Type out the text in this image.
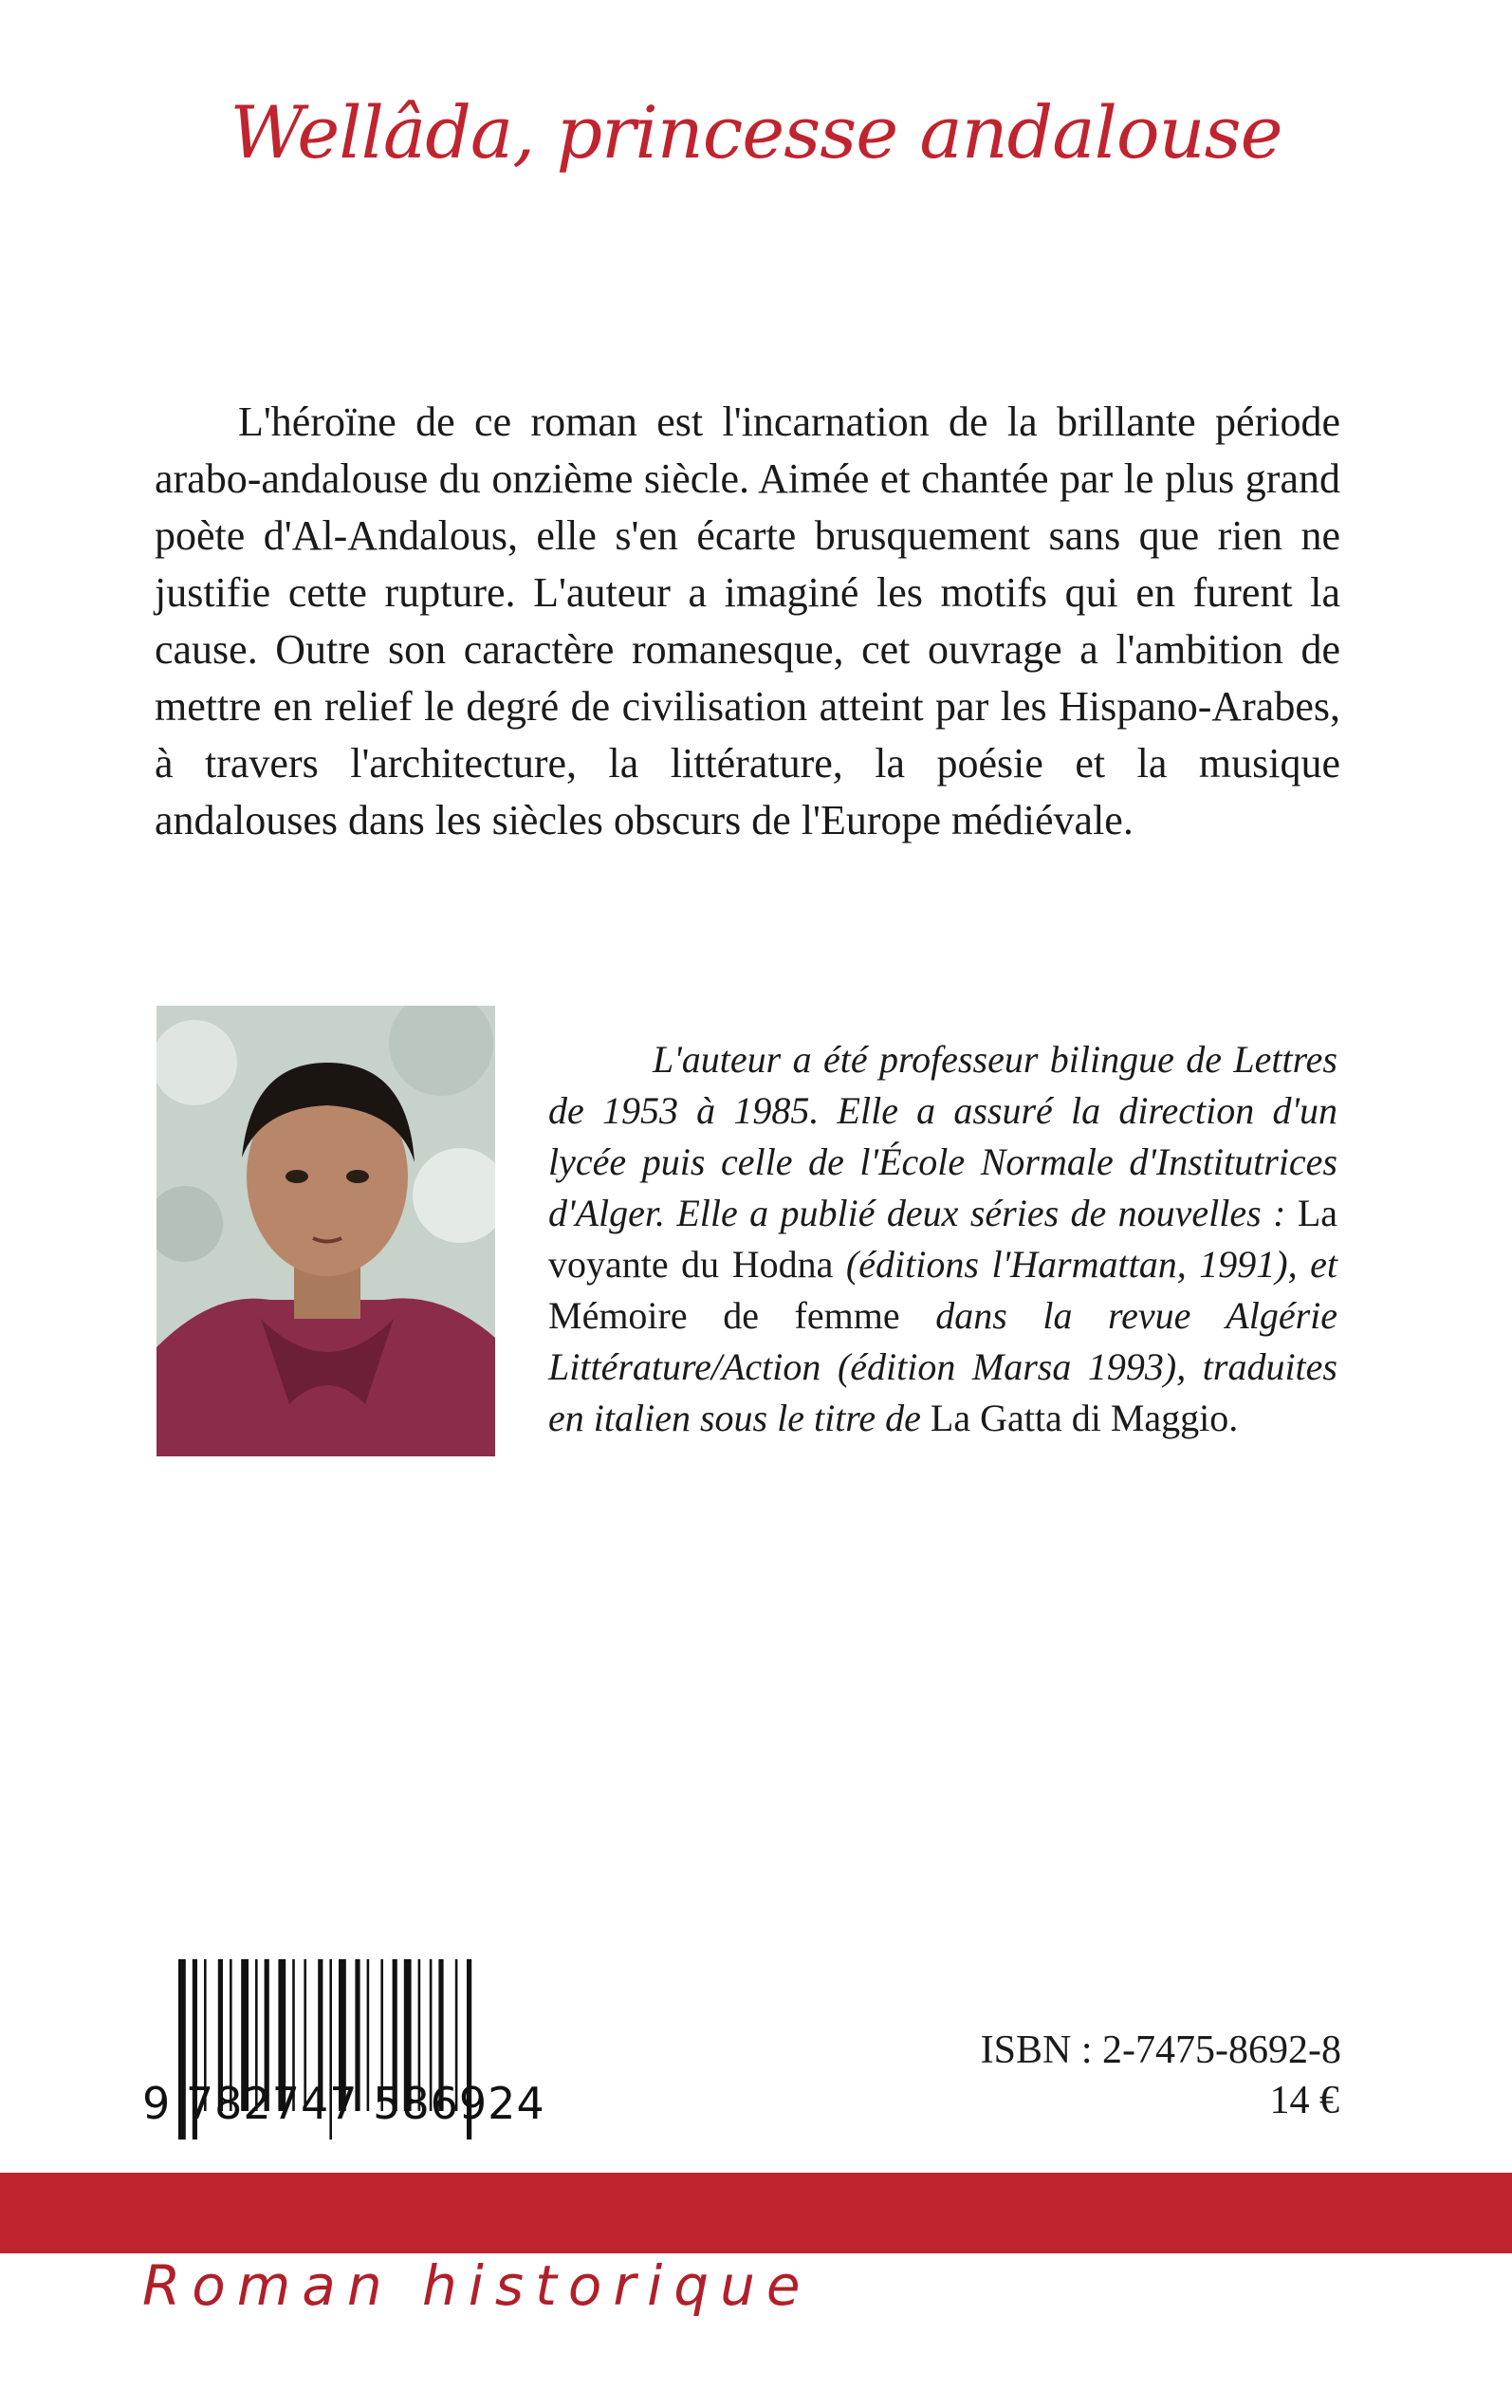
Wellâda, princesse andalouse

L'héroïne de ce roman est l'incarnation de la brillante période arabo-andalouse du onzième siècle. Aimée et chantée par le plus grand poète d'Al-Andalous, elle s'en écarte brusquement sans que rien ne justifie cette rupture. L'auteur a imaginé les motifs qui en furent la cause. Outre son caractère romanesque, cet ouvrage a l'ambition de mettre en relief le degré de civilisation atteint par les Hispano-Arabes, à travers l'architecture, la littérature, la poésie et la musique andalouses dans les siècles obscurs de l'Europe médiévale.

L'auteur a été professeur bilingue de Lettres de 1953 à 1985. Elle a assuré la direction d'un lycée puis celle de l'École Normale d'Institutrices d'Alger. Elle a publié deux séries de nouvelles : La voyante du Hodna (éditions l'Harmattan, 1991), et Mémoire de femme dans la revue Algérie Littérature/Action (édition Marsa 1993), traduites en italien sous le titre de La Gatta di Maggio.

9 782747 586924
ISBN : 2-7475-8692-8
14 €

Roman historique
